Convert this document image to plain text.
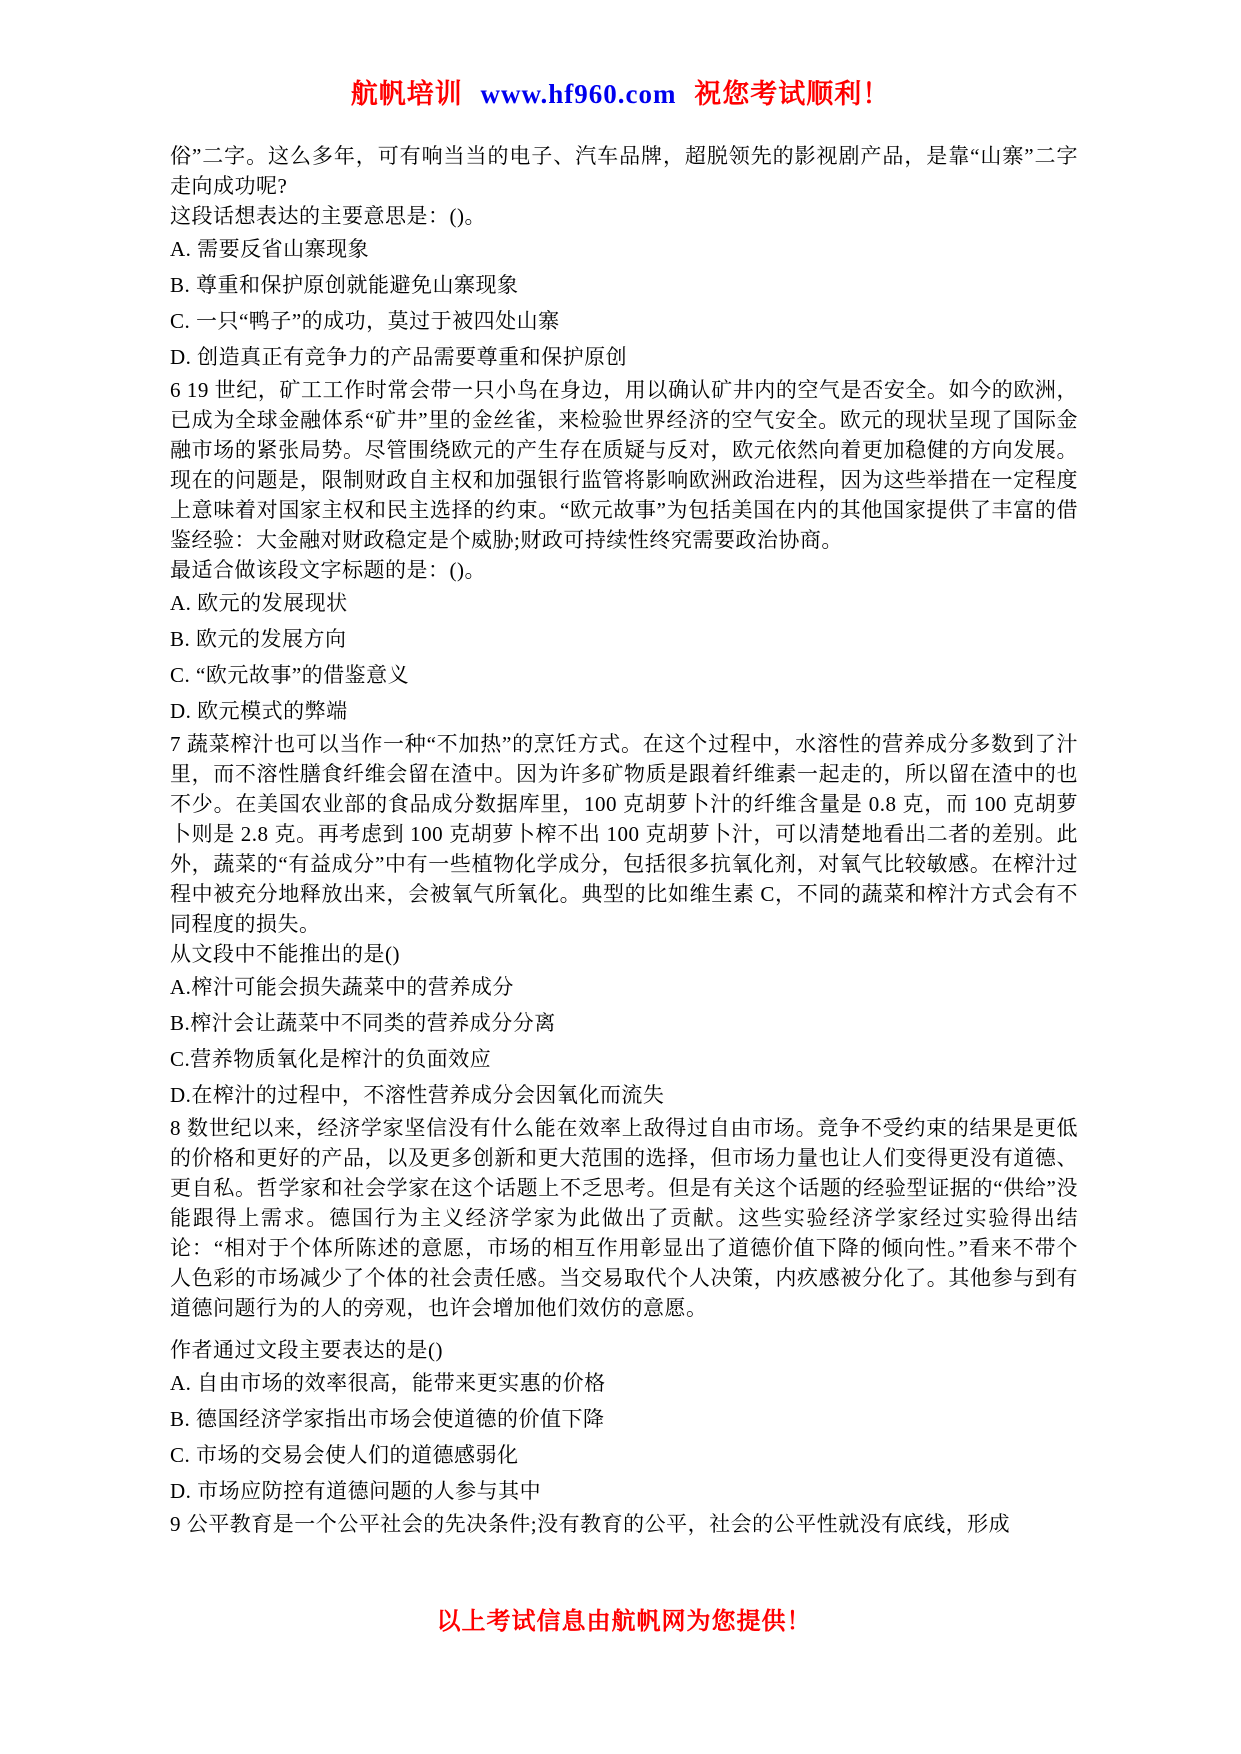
航帆培训 www.hf960.com 祝您考试顺利！

俗”二字。这么多年，可有响当当的电子、汽车品牌，超脱领先的影视剧产品，是靠“山寨”二字走向成功呢?

这段话想表达的主要意思是：()。

A. 需要反省山寨现象

B. 尊重和保护原创就能避免山寨现象

C. 一只“鸭子”的成功，莫过于被四处山寨

D. 创造真正有竞争力的产品需要尊重和保护原创

6 19 世纪，矿工工作时常会带一只小鸟在身边，用以确认矿井内的空气是否安全。如今的欧洲，已成为全球金融体系“矿井”里的金丝雀，来检验世界经济的空气安全。欧元的现状呈现了国际金融市场的紧张局势。尽管围绕欧元的产生存在质疑与反对，欧元依然向着更加稳健的方向发展。现在的问题是，限制财政自主权和加强银行监管将影响欧洲政治进程，因为这些举措在一定程度上意味着对国家主权和民主选择的约束。“欧元故事”为包括美国在内的其他国家提供了丰富的借鉴经验：大金融对财政稳定是个威胁;财政可持续性终究需要政治协商。

最适合做该段文字标题的是：()。

A. 欧元的发展现状

B. 欧元的发展方向

C. “欧元故事”的借鉴意义

D. 欧元模式的弊端

7 蔬菜榨汁也可以当作一种“不加热”的烹饪方式。在这个过程中，水溶性的营养成分多数到了汁里，而不溶性膳食纤维会留在渣中。因为许多矿物质是跟着纤维素一起走的，所以留在渣中的也不少。在美国农业部的食品成分数据库里，100 克胡萝卜汁的纤维含量是 0.8 克，而 100 克胡萝卜则是 2.8 克。再考虑到 100 克胡萝卜榨不出 100 克胡萝卜汁，可以清楚地看出二者的差别。此外，蔬菜的“有益成分”中有一些植物化学成分，包括很多抗氧化剂，对氧气比较敏感。在榨汁过程中被充分地释放出来，会被氧气所氧化。典型的比如维生素 C，不同的蔬菜和榨汁方式会有不同程度的损失。

从文段中不能推出的是()

A.榨汁可能会损失蔬菜中的营养成分

B.榨汁会让蔬菜中不同类的营养成分分离

C.营养物质氧化是榨汁的负面效应

D.在榨汁的过程中，不溶性营养成分会因氧化而流失

8 数世纪以来，经济学家坚信没有什么能在效率上敌得过自由市场。竞争不受约束的结果是更低的价格和更好的产品，以及更多创新和更大范围的选择，但市场力量也让人们变得更没有道德、更自私。哲学家和社会学家在这个话题上不乏思考。但是有关这个话题的经验型证据的“供给”没能跟得上需求。德国行为主义经济学家为此做出了贡献。这些实验经济学家经过实验得出结论：“相对于个体所陈述的意愿，市场的相互作用彰显出了道德价值下降的倾向性。”看来不带个人色彩的市场减少了个体的社会责任感。当交易取代个人决策，内疚感被分化了。其他参与到有道德问题行为的人的旁观，也许会增加他们效仿的意愿。

作者通过文段主要表达的是()

A. 自由市场的效率很高，能带来更实惠的价格

B. 德国经济学家指出市场会使道德的价值下降

C. 市场的交易会使人们的道德感弱化

D. 市场应防控有道德问题的人参与其中

9 公平教育是一个公平社会的先决条件;没有教育的公平，社会的公平性就没有底线，形成

以上考试信息由航帆网为您提供！
